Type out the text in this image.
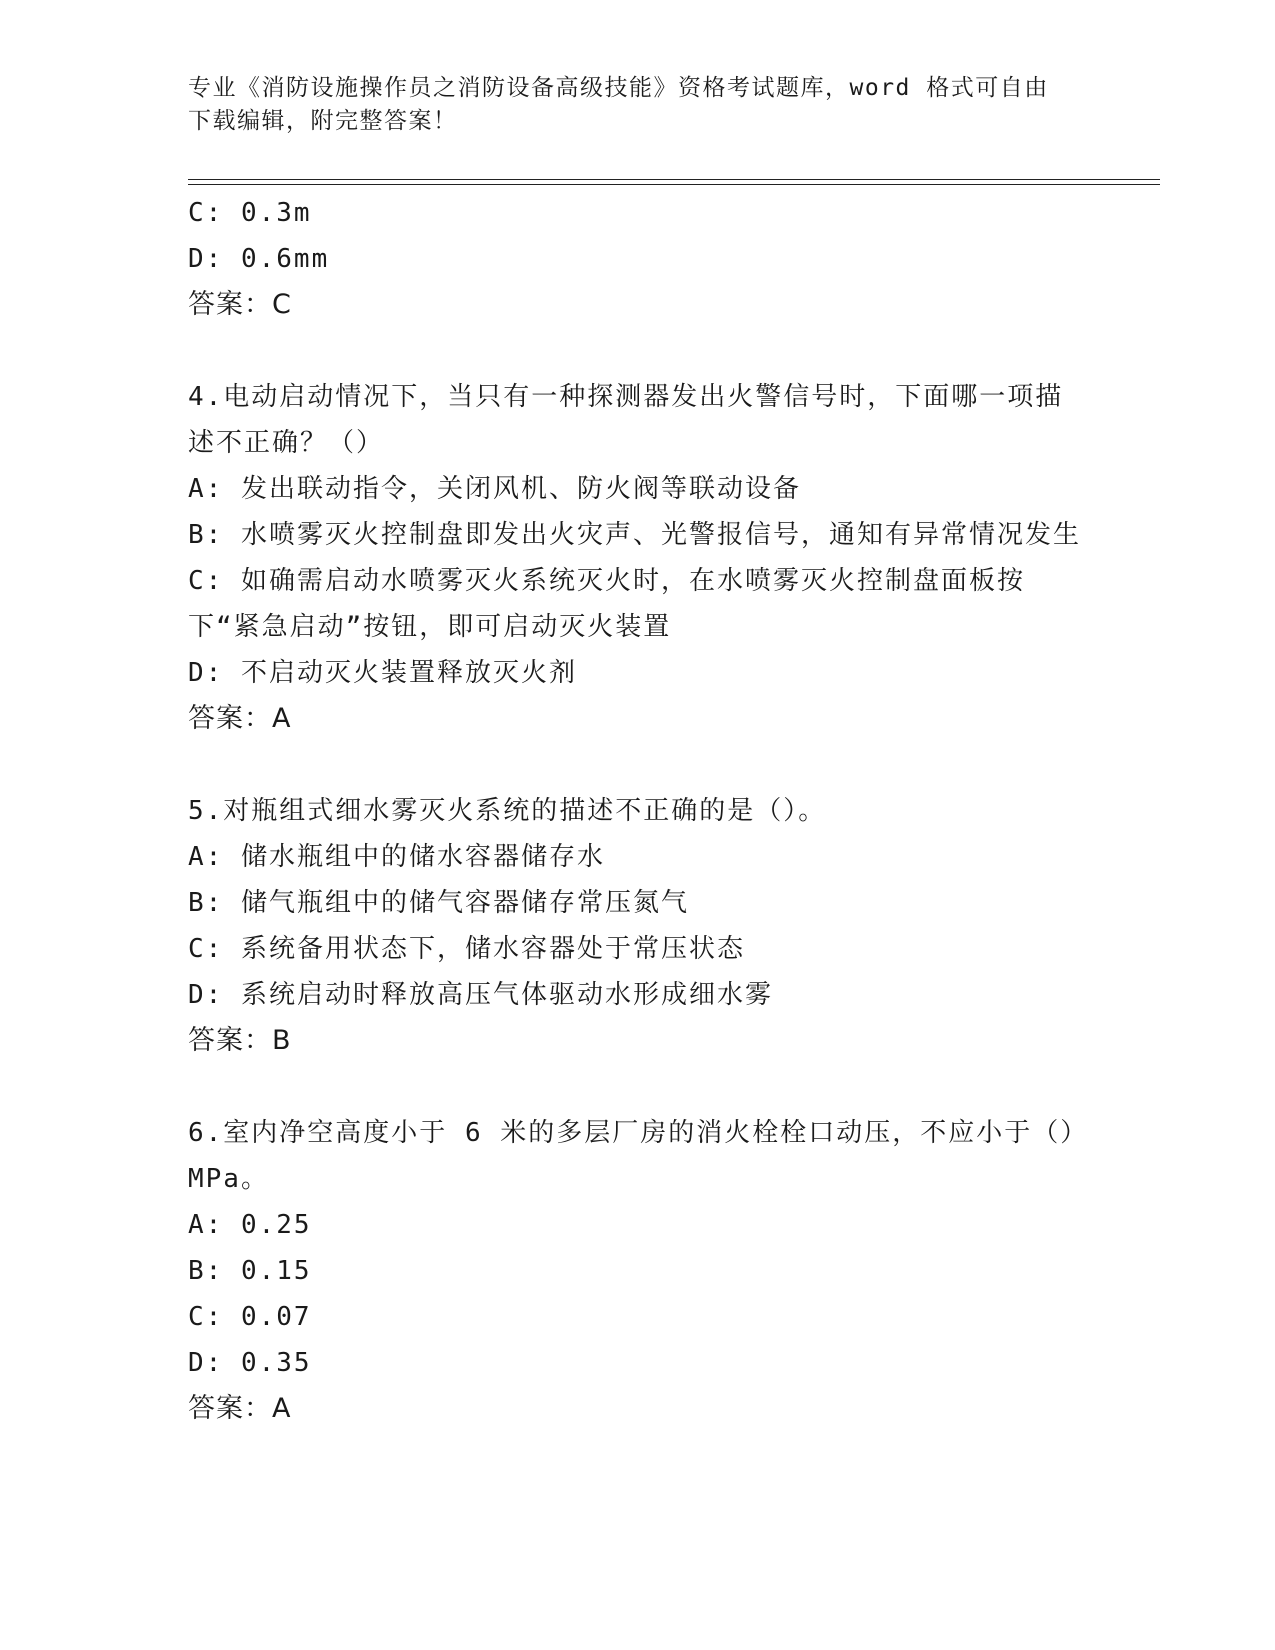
专业《消防设施操作员之消防设备高级技能》资格考试题库，word 格式可自由下载编辑，附完整答案！
C: 0.3m
D: 0.6mm
答案：C
4.电动启动情况下，当只有一种探测器发出火警信号时，下面哪一项描述不正确？（）
A: 发出联动指令，关闭风机、防火阀等联动设备
B: 水喷雾灭火控制盘即发出火灾声、光警报信号，通知有异常情况发生
C: 如确需启动水喷雾灭火系统灭火时，在水喷雾灭火控制盘面板按下“紧急启动”按钮，即可启动灭火装置
D: 不启动灭火装置释放灭火剂
答案：A
5.对瓶组式细水雾灭火系统的描述不正确的是（）。
A: 储水瓶组中的储水容器储存水
B: 储气瓶组中的储气容器储存常压氮气
C: 系统备用状态下，储水容器处于常压状态
D: 系统启动时释放高压气体驱动水形成细水雾
答案：B
6.室内净空高度小于 6 米的多层厂房的消火栓栓口动压，不应小于（）MPa。
A: 0.25
B: 0.15
C: 0.07
D: 0.35
答案：A
